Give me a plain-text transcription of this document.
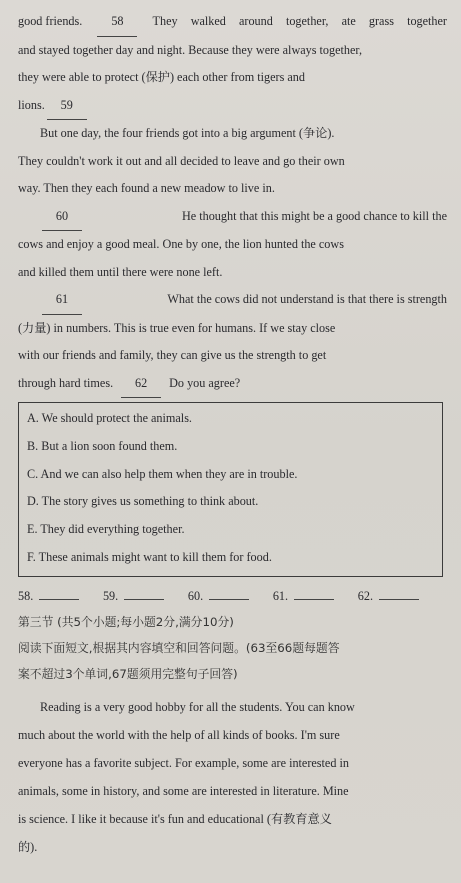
good friends.	58	They walked around together, ate grass together
and stayed together day and night. Because they were always together,
they were able to protect (保护) each other from tigers and
lions.	59
But one day, the four friends got into a big argument (争论).
They couldn't work it out and all decided to leave and go their own
way. Then they each found a new meadow to live in.
60	He thought that this might be a good chance to kill the
cows and enjoy a good meal. One by one, the lion hunted the cows
and killed them until there were none left.
61	What the cows did not understand is that there is strength
(力量) in numbers. This is true even for humans. If we stay close
with our friends and family, they can give us the strength to get
through hard times.	62	Do you agree?
A. We should protect the animals.
B. But a lion soon found them.
C. And we can also help them when they are in trouble.
D. The story gives us something to think about.
E. They did everything together.
F. These animals might want to kill them for food.
58.	59.	60.	61.	62.
第三节 (共5个小题;每小题2分,满分10分)
阅读下面短文,根据其内容填空和回答问题。(63至66题每题答
案不超过3个单词,67题须用完整句子回答)
Reading is a very good hobby for all the students. You can know
much about the world with the help of all kinds of books. I'm sure
everyone has a favorite subject. For example, some are interested in
animals, some in history, and some are interested in literature. Mine
is science. I like it because it's fun and educational (有教育意义
的).
